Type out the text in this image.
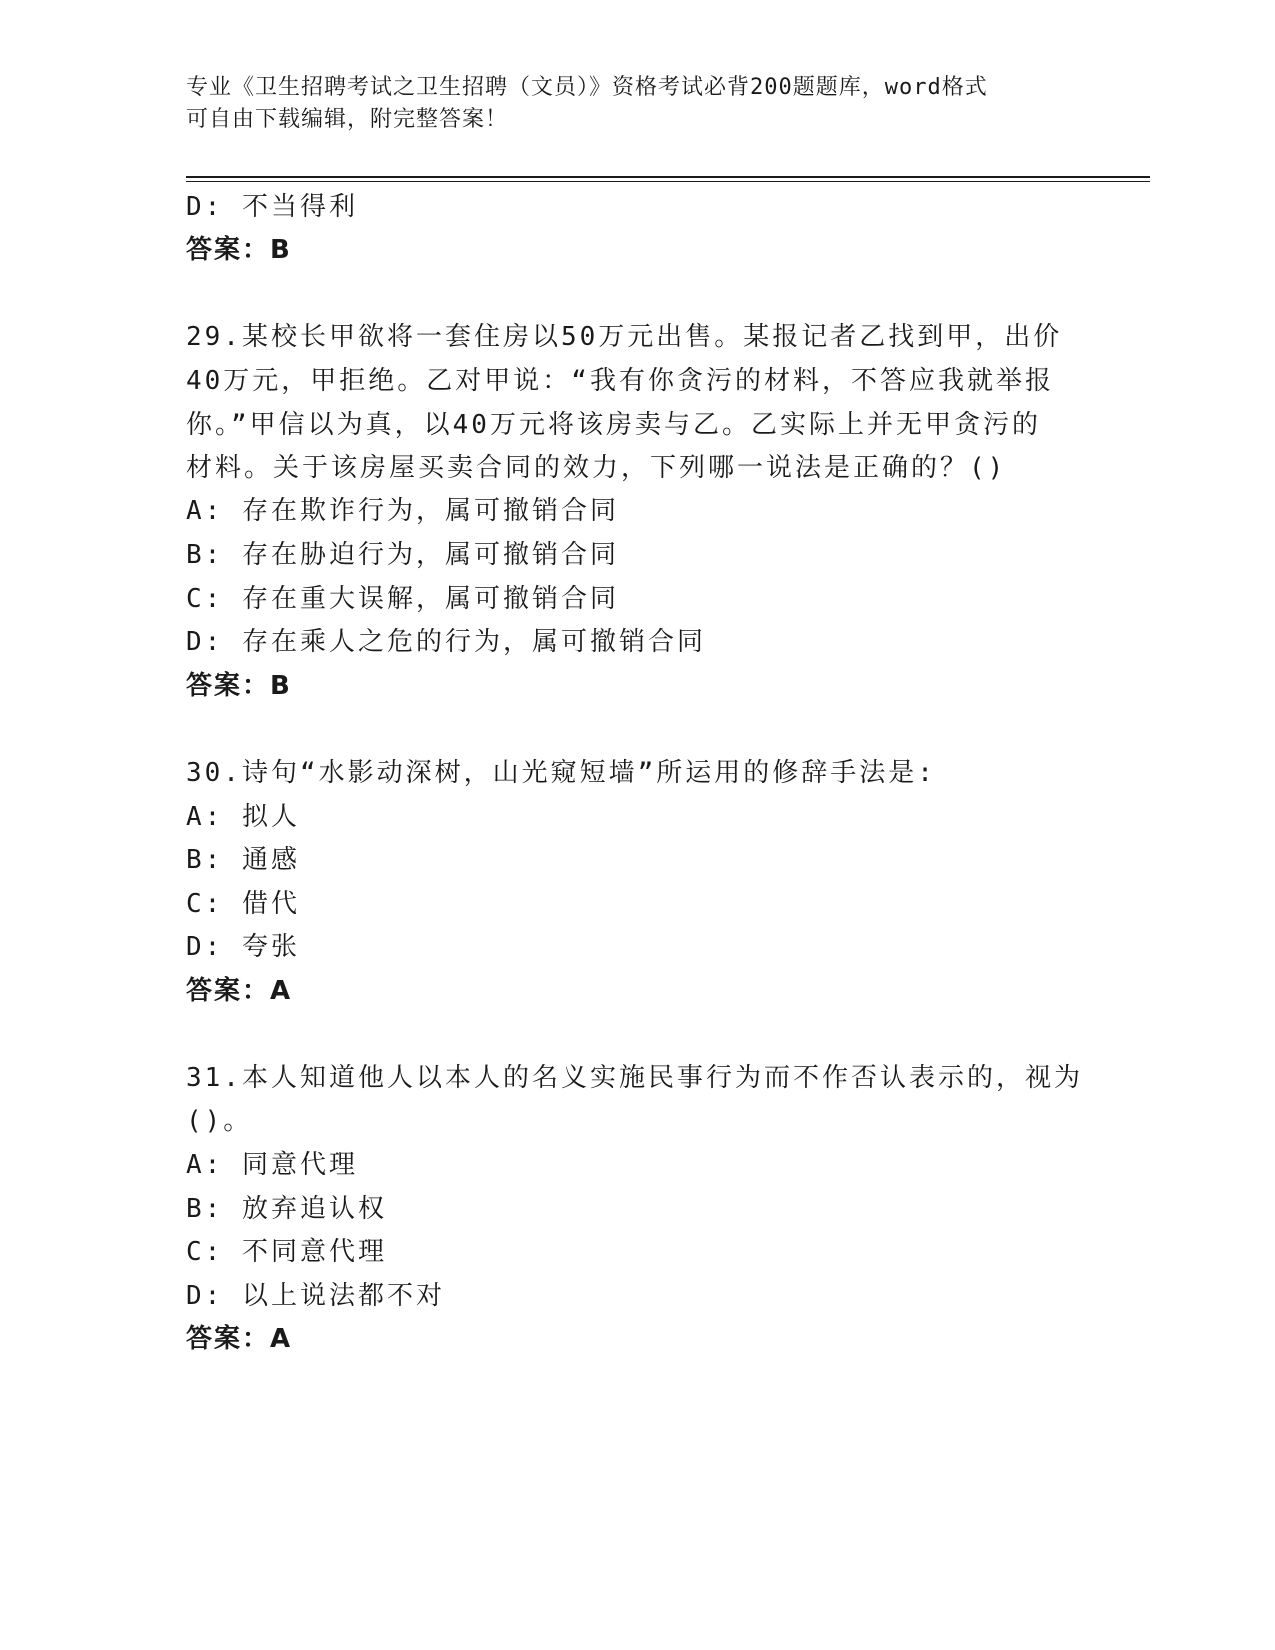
专业《卫生招聘考试之卫生招聘（文员）》资格考试必背200题题库，word格式
可自由下载编辑，附完整答案！
D: 不当得利
答案：B
29.某校长甲欲将一套住房以50万元出售。某报记者乙找到甲，出价
40万元，甲拒绝。乙对甲说：“我有你贪污的材料，不答应我就举报
你。”甲信以为真，以40万元将该房卖与乙。乙实际上并无甲贪污的
材料。关于该房屋买卖合同的效力，下列哪一说法是正确的？()
A: 存在欺诈行为，属可撤销合同
B: 存在胁迫行为，属可撤销合同
C: 存在重大误解，属可撤销合同
D: 存在乘人之危的行为，属可撤销合同
答案：B
30.诗句“水影动深树，山光窥短墙”所运用的修辞手法是:
A: 拟人
B: 通感
C: 借代
D: 夸张
答案：A
31.本人知道他人以本人的名义实施民事行为而不作否认表示的，视为
()。
A: 同意代理
B: 放弃追认权
C: 不同意代理
D: 以上说法都不对
答案：A
